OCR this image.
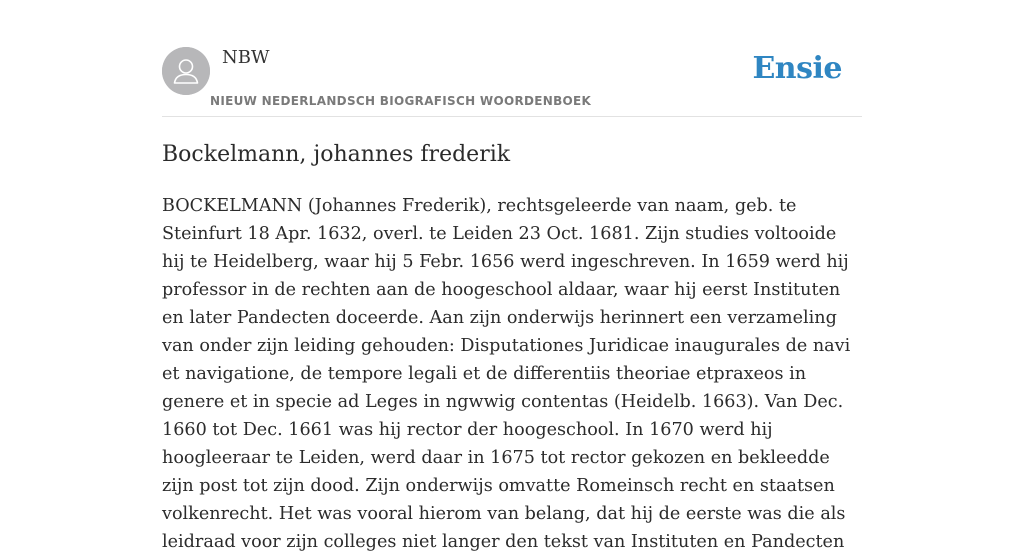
NBW
NIEUW NEDERLANDSCH BIOGRAFISCH WOORDENBOEK
Ensie
Bockelmann, johannes frederik

BOCKELMANN (Johannes Frederik), rechtsgeleerde van naam, geb. te Steinfurt 18 Apr. 1632, overl. te Leiden 23 Oct. 1681. Zijn studies voltooide hij te Heidelberg, waar hij 5 Febr. 1656 werd ingeschreven. In 1659 werd hij professor in de rechten aan de hoogeschool aldaar, waar hij eerst Instituten en later Pandecten doceerde. Aan zijn onderwijs herinnert een verzameling van onder zijn leiding gehouden: Disputationes Juridicae inaugurales de navi et navigatione, de tempore legali et de differentiis theoriae etpraxeos in genere et in specie ad Leges in ngwwig contentas (Heidelb. 1663). Van Dec. 1660 tot Dec. 1661 was hij rector der hoogeschool. In 1670 werd hij hoogleeraar te Leiden, werd daar in 1675 tot rector gekozen en bekleedde zijn post tot zijn dood. Zijn onderwijs omvatte Romeinsch recht en staatsen volkenrecht. Het was vooral hierom van belang, dat hij de eerste was die als leidraad voor zijn colleges niet langer den tekst van Instituten en Pandecten
